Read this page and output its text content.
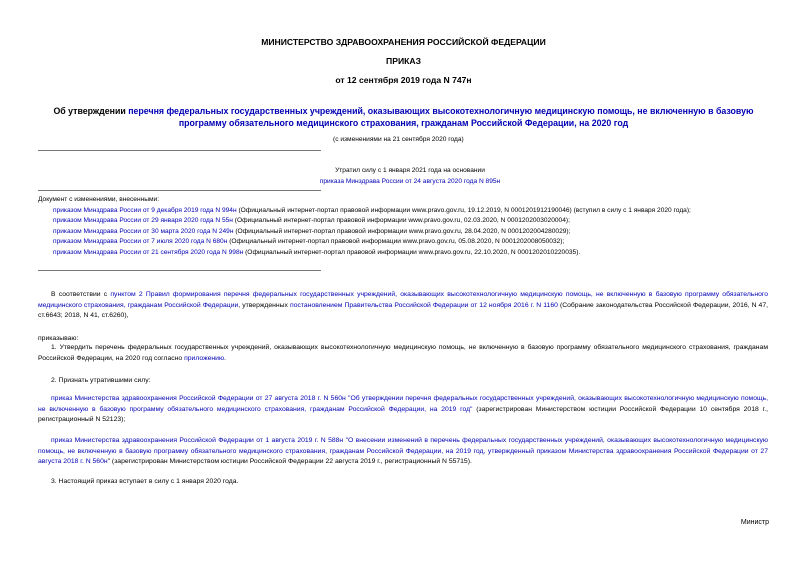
МИНИСТЕРСТВО ЗДРАВООХРАНЕНИЯ РОССИЙСКОЙ ФЕДЕРАЦИИ
ПРИКАЗ
от 12 сентября 2019 года N 747н
Об утверждении перечня федеральных государственных учреждений, оказывающих высокотехнологичную медицинскую помощь, не включенную в базовую
программу обязательного медицинского страхования, гражданам Российской Федерации, на 2020 год
(с изменениями на 21 сентября 2020 года)
Утратил силу с 1 января 2021 года на основании
приказа Минздрава России от 24 августа 2020 года N 895н
Документ с изменениями, внесенными:
приказом Минздрава России от 9 декабря 2019 года N 994н (Официальный интернет-портал правовой информации www.pravo.gov.ru, 19.12.2019, N 0001201912190046) (вступил в силу с 1 января 2020 года);
приказом Минздрава России от 29 января 2020 года N 55н (Официальный интернет-портал правовой информации www.pravo.gov.ru, 02.03.2020, N 0001202003020004);
приказом Минздрава России от 30 марта 2020 года N 249н (Официальный интернет-портал правовой информации www.pravo.gov.ru, 28.04.2020, N 0001202004280029);
приказом Минздрава России от 7 июля 2020 года N 680н (Официальный интернет-портал правовой информации www.pravo.gov.ru, 05.08.2020, N 0001202008050032);
приказом Минздрава России от 21 сентября 2020 года N 998н (Официальный интернет-портал правовой информации www.pravo.gov.ru, 22.10.2020, N 0001202010220035).
В соответствии с пунктом 2 Правил формирования перечня федеральных государственных учреждений, оказывающих высокотехнологичную медицинскую помощь, не включенную в базовую программу обязательного медицинского страхования, гражданам Российской Федерации, утвержденных постановлением Правительства Российской Федерации от 12 ноября 2016 г. N 1160 (Собрание законодательства Российской Федерации, 2016, N 47, ст.6643; 2018, N 41, ст.6260),
приказываю:
1. Утвердить перечень федеральных государственных учреждений, оказывающих высокотехнологичную медицинскую помощь, не включенную в базовую программу обязательного медицинского страхования, гражданам Российской Федерации, на 2020 год согласно приложению.
2. Признать утратившими силу:
приказ Министерства здравоохранения Российской Федерации от 27 августа 2018 г. N 560н "Об утверждении перечня федеральных государственных учреждений, оказывающих высокотехнологичную медицинскую помощь, не включенную в базовую программу обязательного медицинского страхования, гражданам Российской Федерации, на 2019 год" (зарегистрирован Министерством юстиции Российской Федерации 10 сентября 2018 г., регистрационный N 52123);
приказ Министерства здравоохранения Российской Федерации от 1 августа 2019 г. N 588н "О внесении изменений в перечень федеральных государственных учреждений, оказывающих высокотехнологичную медицинскую помощь, не включенную в базовую программу обязательного медицинского страхования, гражданам Российской Федерации, на 2019 год, утвержденный приказом Министерства здравоохранения Российской Федерации от 27 августа 2018 г. N 560н" (зарегистрирован Министерством юстиции Российской Федерации 22 августа 2019 г., регистрационный N 55715).
3. Настоящий приказ вступает в силу с 1 января 2020 года.
Министр
